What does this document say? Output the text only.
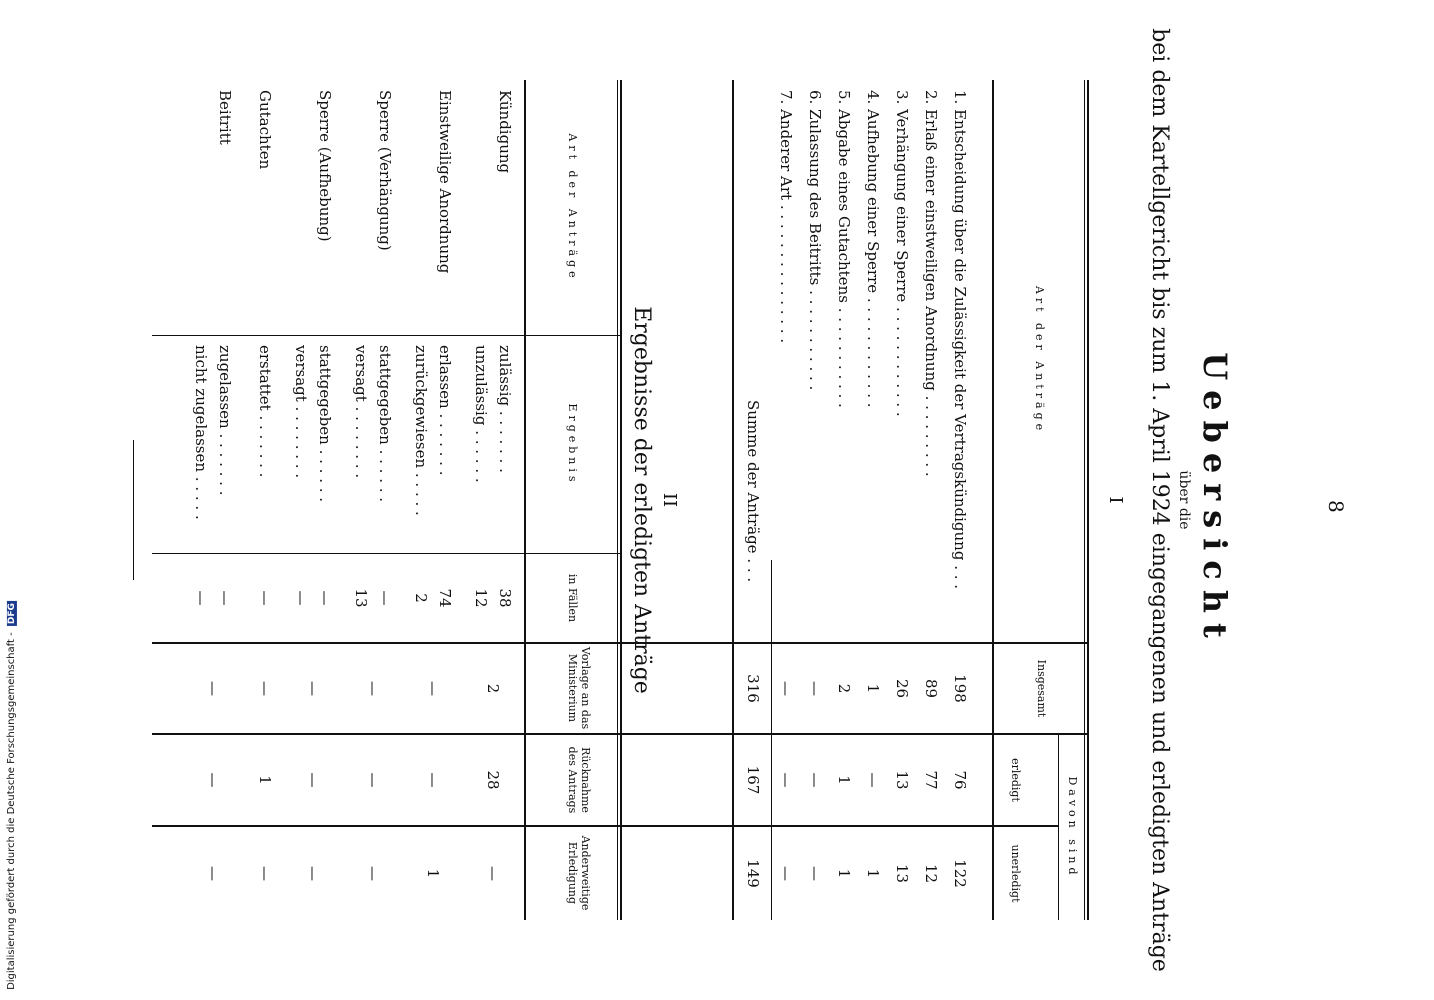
8
Uebersicht
über die
bei dem Kartellgericht bis zum 1. April 1924 eingegangenen und erledigten Anträge
I
Art der Anträge
Insgesamt
Davon sind
erledigt
unerledigt
1. Entscheidung über die Zulässigkeit der Vertragskündigung . . .
198
76
122
2. Erlaß einer einstweiligen Anordnung . . . . . . . . .
89
77
12
3. Verhängung einer Sperre . . . . . . . . . . . .
26
13
13
4. Aufhebung einer Sperre . . . . . . . . . . . .
1
—
1
5. Abgabe eines Gutachtens . . . . . . . . . . .
2
1
1
6. Zulassung des Beitritts . . . . . . . . . . .
—
—
—
7. Anderer Art . . . . . . . . . . . . . . .
—
—
—
Summe der Anträge . . .
316
167
149
II
Ergebnisse der erledigten Anträge
Art der Anträge
Ergebnis
in Fällen
Vorlage an das Ministerium
Rücknahme des Antrags
Anderweitige Erledigung
Kündigung
zulässig . . . . . . .
38
unzulässig . . . . . .
12
2
28
—
Einstweilige Anordnung
erlassen . . . . . . .
74
zurückgewiesen . . . . .
2
—
—
1
Sperre (Verhängung)
stattgegeben . . . . . .
—
versagt . . . . . . . .
13
—
—
—
Sperre (Aufhebung)
stattgegeben . . . . . .
—
versagt . . . . . . . .
—
—
—
—
Gutachten
erstattet . . . . . . .
—
—
1
—
Beitritt
zugelassen . . . . . . .
—
nicht zugelassen . . . . .
—
—
—
—
Digitalisierung gefördert durch die Deutsche Forschungsgemeinschaft - DFG
